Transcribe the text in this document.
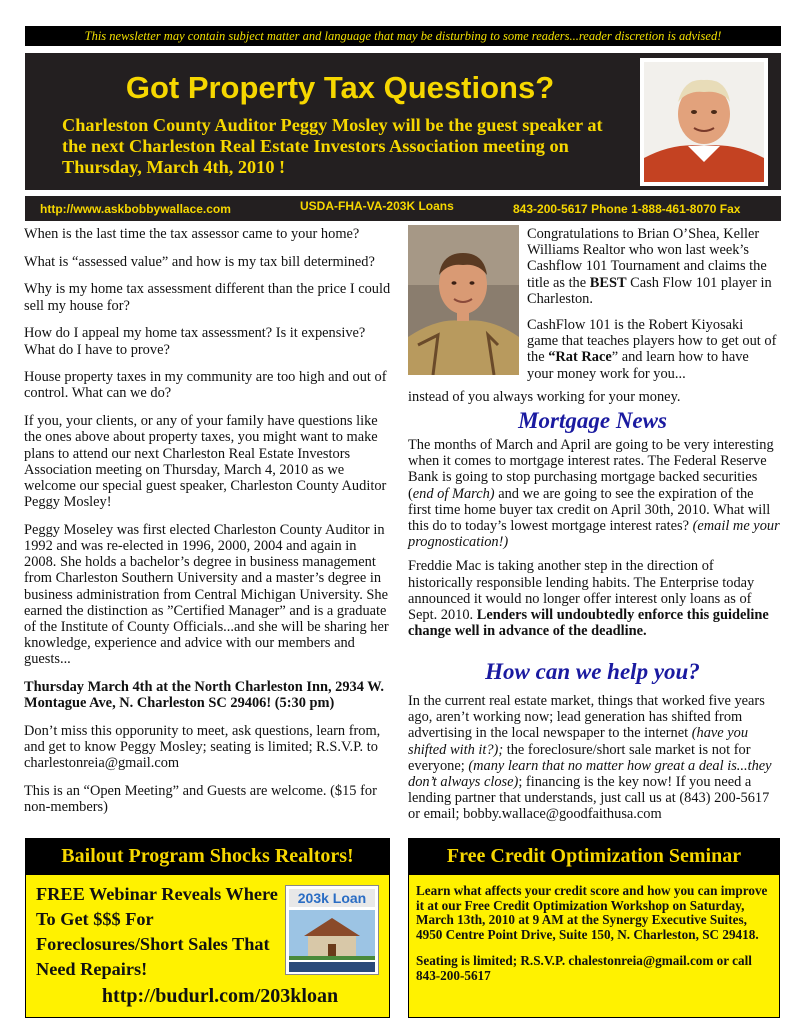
This newsletter may contain subject matter and language that may be disturbing to some readers...reader discretion is advised!
Got Property Tax Questions?
Charleston County Auditor Peggy Mosley will be the guest speaker at the next Charleston Real Estate Investors Association meeting on Thursday, March 4th, 2010 !
http://www.askbobbywallace.com	USDA-FHA-VA-203K Loans	843-200-5617 Phone 1-888-461-8070 Fax

When is the last time the tax assessor came to your home?

What is “assessed value” and how is my tax bill determined?

Why is my home tax assessment different than the price I could sell my house for?

How do I appeal my home tax assessment? Is it expensive? What do I have to prove?

House property taxes in my community are too high and out of control. What can we do?

If you, your clients, or any of your family have questions like the ones above about property taxes, you might want to make plans to attend our next Charleston Real Estate Investors Association meeting on Thursday, March 4, 2010 as we welcome our special guest speaker, Charleston County Auditor Peggy Mosley!

Peggy Moseley was first elected Charleston County Auditor in 1992 and was re-elected in 1996, 2000, 2004 and again in 2008. She holds a bachelor’s degree in business management from Charleston Southern University and a master’s degree in business administration from Central Michigan University. She earned the distinction as ”Certified Manager” and is a graduate of the Institute of County Officials...and she will be sharing her knowledge, experience and advice with our members and guests...

Thursday March 4th at the North Charleston Inn, 2934 W. Montague Ave, N. Charleston SC 29406! (5:30 pm)

Don’t miss this opporunity to meet, ask questions, learn from, and get to know Peggy Mosley; seating is limited; R.S.V.P. to charlestonreia@gmail.com

This is an “Open Meeting” and Guests are welcome. ($15 for non-members)

Congratulations to Brian O’Shea, Keller Williams Realtor who won last week’s Cashflow 101 Tournament and claims the title as the BEST Cash Flow 101 player in Charleston.

CashFlow 101 is the Robert Kiyosaki game that teaches players how to get out of the “Rat Race” and learn how to have your money work for you...

instead of you always working for your money.
Mortgage News

The months of March and April are going to be very interesting when it comes to mortgage interest rates. The Federal Reserve Bank is going to stop purchasing mortgage backed securities (end of March) and we are going to see the expiration of the first time home buyer tax credit on April 30th, 2010. What will this do to today’s lowest mortgage interest rates? (email me your prognostication!)

Freddie Mac is taking another step in the direction of historically responsible lending habits. The Enterprise today announced it would no longer offer interest only loans as of Sept. 2010. Lenders will undoubtedly enforce this guideline change well in advance of the deadline.

How can we help you?
In the current real estate market, things that worked five years ago, aren’t working now; lead generation has shifted from advertising in the local newspaper to the internet (have you shifted with it?); the foreclosure/short sale market is not for everyone; (many learn that no matter how great a deal is...they don’t always close); financing is the key now! If you need a lending partner that understands, just call us at (843) 200-5617 or email; bobby.wallace@goodfaithusa.com
Bailout Program Shocks Realtors!
FREE Webinar Reveals Where To Get $$$ For Foreclosures/Short Sales That Need Repairs!
203k Loan
http://budurl.com/203kloan
Free Credit Optimization Seminar

Learn what affects your credit score and how you can improve it at our Free Credit Optimization Workshop on Saturday, March 13th, 2010 at 9 AM at the Synergy Executive Suites, 4950 Centre Point Drive, Suite 150, N. Charleston, SC 29418.

Seating is limited; R.S.V.P. chalestonreia@gmail.com or call 843-200-5617
